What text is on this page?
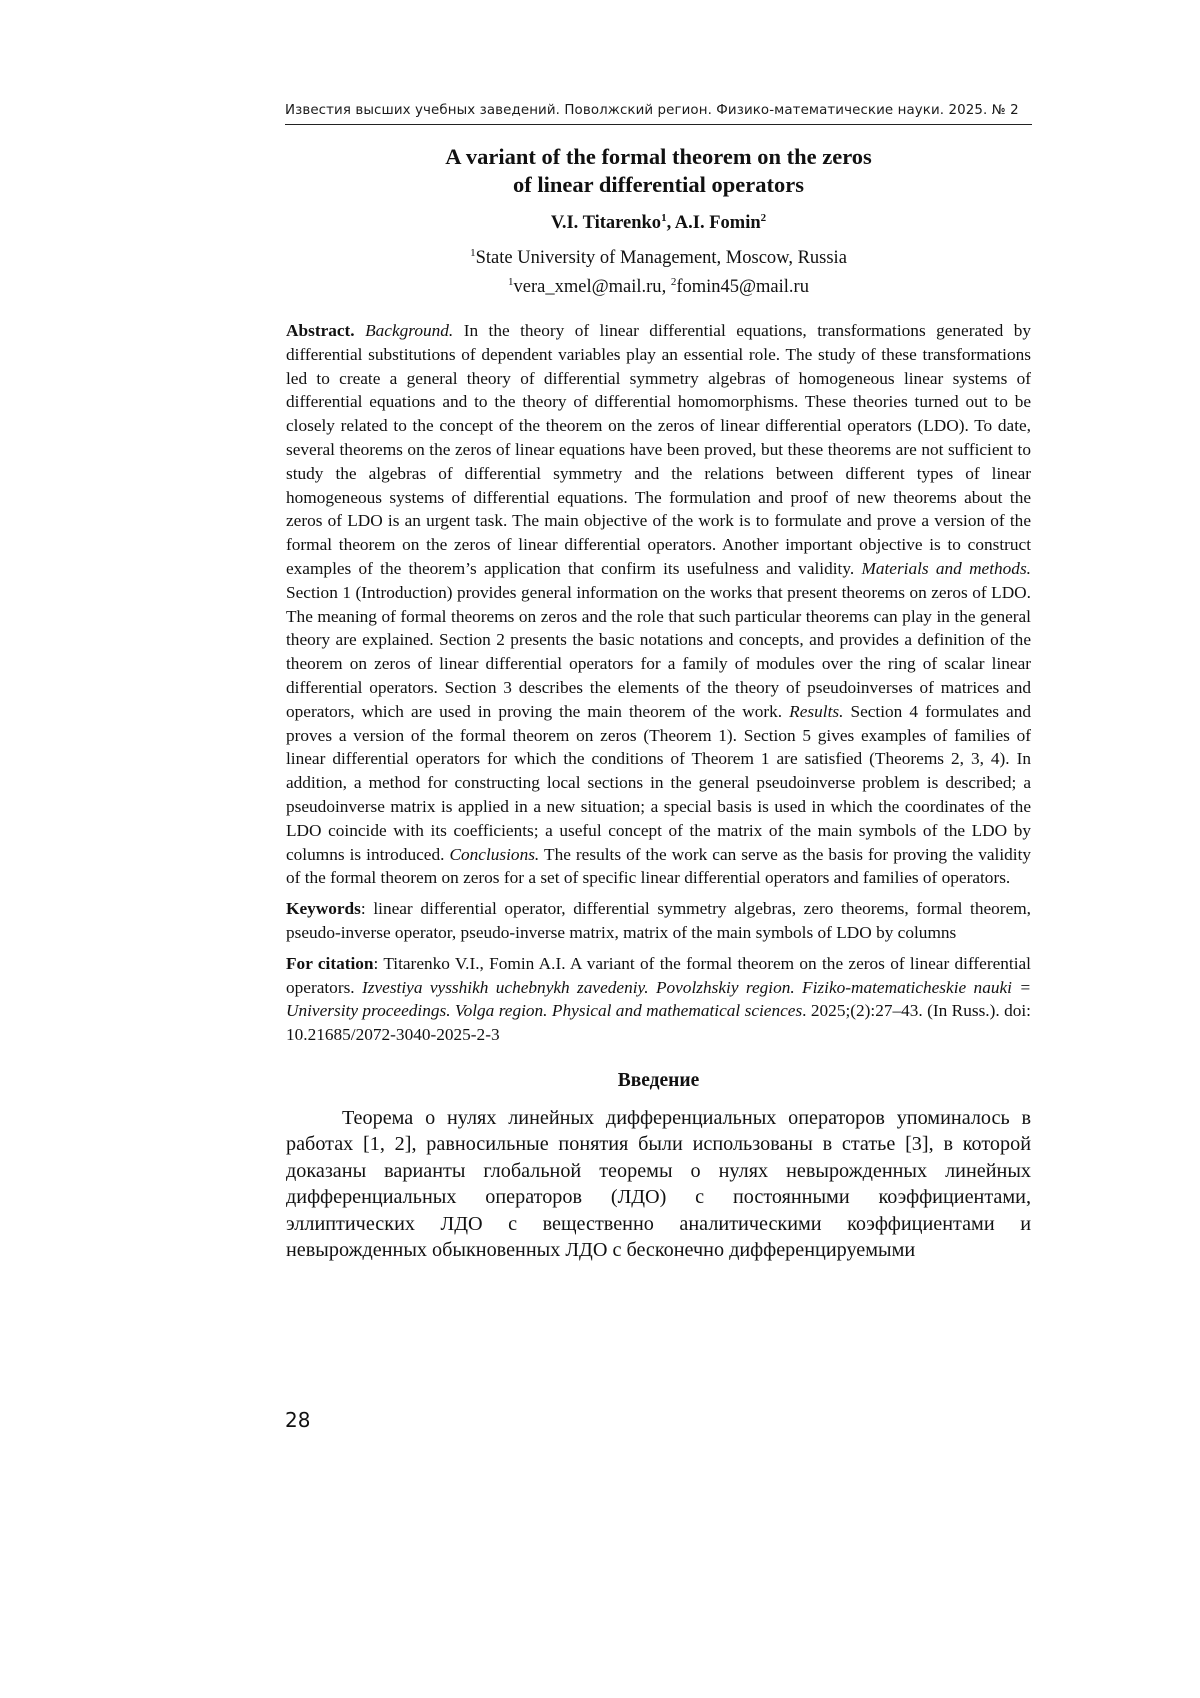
Известия высших учебных заведений. Поволжский регион. Физико-математические науки. 2025. № 2
A variant of the formal theorem on the zeros
of linear differential operators
V.I. Titarenko$^1$, A.I. Fomin$^2$
$^1$State University of Management, Moscow, Russia
$^1$vera_xmel@mail.ru, $^2$fomin45@mail.ru

Abstract. Background. In the theory of linear differential equations, transformations generated by differential substitutions of dependent variables play an essential role. The study of these transformations led to create a general theory of differential symmetry algebras of homogeneous linear systems of differential equations and to the theory of differential homomorphisms. These theories turned out to be closely related to the concept of the theorem on the zeros of linear differential operators (LDO). To date, several theorems on the zeros of linear equations have been proved, but these theorems are not sufficient to study the algebras of differential symmetry and the relations between different types of linear homogeneous systems of differential equations. The formulation and proof of new theorems about the zeros of LDO is an urgent task. The main objective of the work is to formulate and prove a version of the formal theorem on the zeros of linear differential operators. Another important objective is to construct examples of the theorem’s application that confirm its usefulness and validity. Materials and methods. Section 1 (Introduction) provides general information on the works that present theorems on zeros of LDO. The meaning of formal theorems on zeros and the role that such particular theorems can play in the general theory are explained. Section 2 presents the basic notations and concepts, and provides a definition of the theorem on zeros of linear differential operators for a family of modules over the ring of scalar linear differential operators. Section 3 describes the elements of the theory of pseudoinverses of matrices and operators, which are used in proving the main theorem of the work. Results. Section 4 formulates and proves a version of the formal theorem on zeros (Theorem 1). Section 5 gives examples of families of linear differential operators for which the conditions of Theorem 1 are satisfied (Theorems 2, 3, 4). In addition, a method for constructing local sections in the general pseudoinverse problem is described; a pseudoinverse matrix is applied in a new situation; a special basis is used in which the coordinates of the LDO coincide with its coefficients; a useful concept of the matrix of the main symbols of the LDO by columns is introduced. Conclusions. The results of the work can serve as the basis for proving the validity of the formal theorem on zeros for a set of specific linear differential operators and families of operators.

Keywords: linear differential operator, differential symmetry algebras, zero theorems, formal theorem, pseudo-inverse operator, pseudo-inverse matrix, matrix of the main symbols of LDO by columns

For citation: Titarenko V.I., Fomin A.I. A variant of the formal theorem on the zeros of linear differential operators. Izvestiya vysshikh uchebnykh zavedeniy. Povolzhskiy region. Fiziko-matematicheskie nauki = University proceedings. Volga region. Physical and mathematical sciences. 2025;(2):27–43. (In Russ.). doi: 10.21685/2072-3040-2025-2-3

Введение

Теорема о нулях линейных дифференциальных операторов упоминалось в работах [1, 2], равносильные понятия были использованы в статье [3], в которой доказаны варианты глобальной теоремы о нулях невырожденных линейных дифференциальных операторов (ЛДО) с постоянными коэффициентами, эллиптических ЛДО с вещественно аналитическими коэффициентами и невырожденных обыкновенных ЛДО с бесконечно дифференцируемыми

28
